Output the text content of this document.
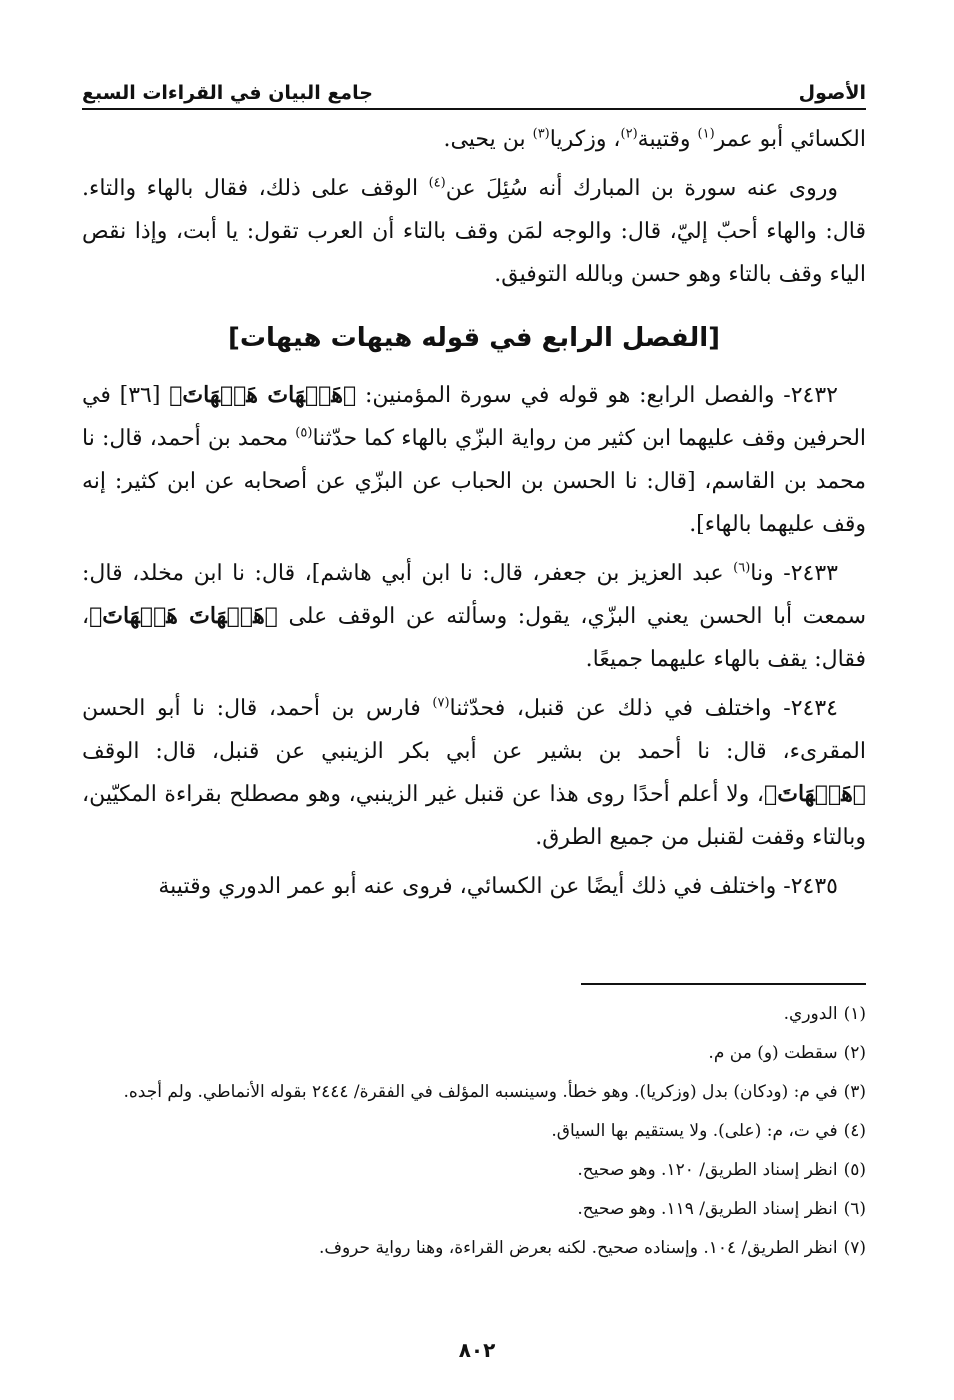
الأصول
جامع البيان في القراءات السبع

الكسائي أبو عمر$^{(١)}$ وقتيبة$^{(٢)}$، وزكريا$^{(٣)}$ بن يحيى.

وروى عنه سورة بن المبارك أنه سُئِلَ عن$^{(٤)}$ الوقف على ذلك، فقال بالهاء والتاء. قال: والهاء أحبّ إليّ، قال: والوجه لمَن وقف بالتاء أن العرب تقول: يا أبت، وإذا نقص الياء وقف بالتاء وهو حسن وبالله التوفيق.

[الفصل الرابع في قوله هيهات هيهات]

٢٤٣٢- والفصل الرابع: هو قوله في سورة المؤمنين: ﴿هَيۡهَاتَ هَيۡهَاتَ﴾ [٣٦] في الحرفين وقف عليهما ابن كثير من رواية البزّي بالهاء كما حدّثنا$^{(٥)}$ محمد بن أحمد، قال: نا محمد بن القاسم، [قال: نا الحسن بن الحباب عن البزّي عن أصحابه عن ابن كثير: إنه وقف عليهما بالهاء].

٢٤٣٣- ونا$^{(٦)}$ عبد العزيز بن جعفر، قال: نا ابن أبي هاشم]، قال: نا ابن مخلد، قال: سمعت أبا الحسن يعني البزّي، يقول: وسألته عن الوقف على ﴿هَيۡهَاتَ هَيۡهَاتَ﴾، فقال: يقف بالهاء عليهما جميعًا.

٢٤٣٤- واختلف في ذلك عن قنبل، فحدّثنا$^{(٧)}$ فارس بن أحمد، قال: نا أبو الحسن المقرىء، قال: نا أحمد بن بشير عن أبي بكر الزينبي عن قنبل، قال: الوقف ﴿هَيۡهَاتَ﴾، ولا أعلم أحدًا روى هذا عن قنبل غير الزينبي، وهو مصطلح بقراءة المكيّين، وبالتاء وقفت لقنبل من جميع الطرق.

٢٤٣٥- واختلف في ذلك أيضًا عن الكسائي، فروى عنه أبو عمر الدوري وقتيبة

(١)الدوري.
(٢)سقطت (و) من م.
(٣)في م: (ودكان) بدل (وزكريا). وهو خطأ. وسينسبه المؤلف في الفقرة/ ٢٤٤٤ بقوله الأنماطي. ولم أجده.
(٤)في ت، م: (على). ولا يستقيم بها السياق.
(٥)انظر إسناد الطريق/ ١٢٠. وهو صحيح.
(٦)انظر إسناد الطريق/ ١١٩. وهو صحيح.
(٧)انظر الطريق/ ١٠٤. وإسناده صحيح. لكنه بعرض القراءة، وهنا رواية حروف.
٨٠٢
